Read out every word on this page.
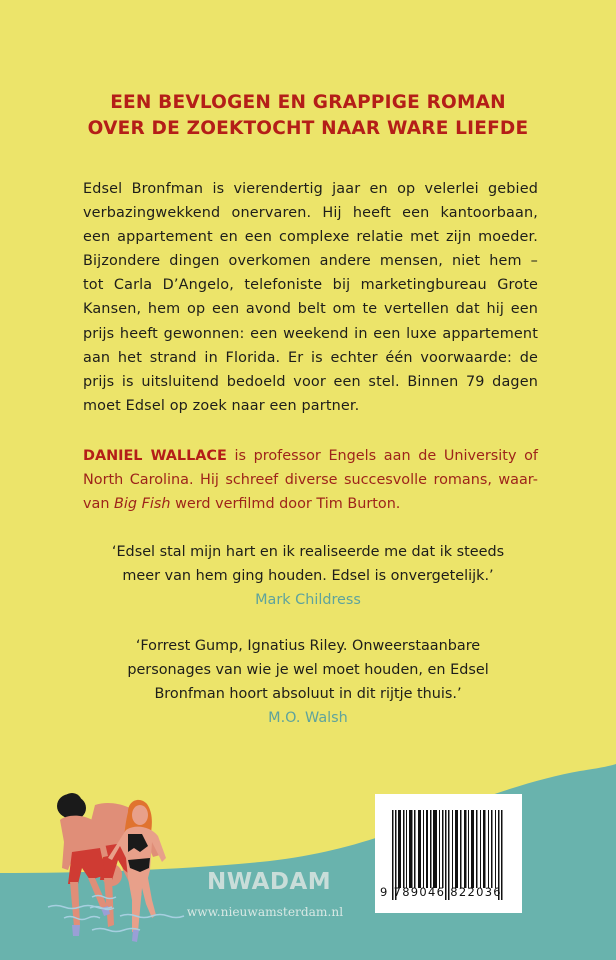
EEN BEVLOGEN EN GRAPPIGE ROMAN
OVER DE ZOEKTOCHT NAAR WARE LIEFDE
Edsel Bronfman is vierendertig jaar en op velerlei gebied
verbazingwekkend onervaren. Hij heeft een kantoorbaan,
een appartement en een complexe relatie met zijn moeder.
Bijzondere dingen overkomen andere mensen, niet hem –
tot Carla D’Angelo, telefoniste bij marketingbureau Grote
Kansen, hem op een avond belt om te vertellen dat hij een
prijs heeft gewonnen: een weekend in een luxe appartement
aan het strand in Florida. Er is echter één voorwaarde: de
prijs is uitsluitend bedoeld voor een stel. Binnen 79 dagen
moet Edsel op zoek naar een partner.
DANIEL WALLACE is professor Engels aan de University of
North Carolina. Hij schreef diverse succesvolle romans, waar-
van Big Fish werd verfilmd door Tim Burton.
‘Edsel stal mijn hart en ik realiseerde me dat ik steeds
meer van hem ging houden. Edsel is onvergetelijk.’
Mark Childress
‘Forrest Gump, Ignatius Riley. Onweerstaanbare
personages van wie je wel moet houden, en Edsel
Bronfman hoort absoluut in dit rijtje thuis.’
M.O. Walsh
NWADAM
www.nieuwamsterdam.nl
9 789046 822036
